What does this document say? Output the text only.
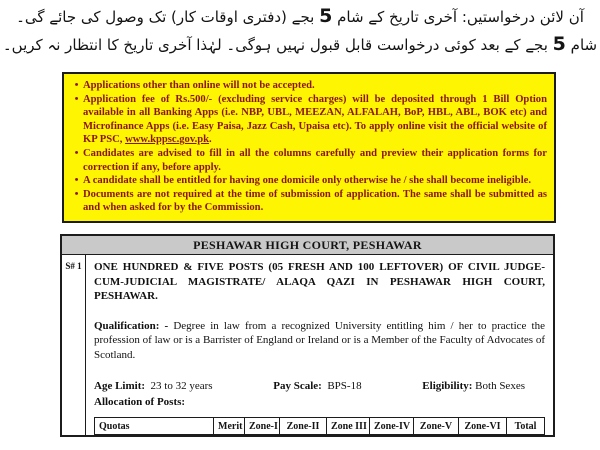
آن لائن درخواستیں: آخری تاریخ کے شام 5 بجے (دفتری اوقات کار) تک وصول کی جائے گی۔
شام 5 بجے کے بعد کوئی درخواست قابل قبول نہیں ہوگی۔ لہٰذا آخری تاریخ کا انتظار نہ کریں۔
• Applications other than online will not be accepted.
• Application fee of Rs.500/- (excluding service charges) will be deposited through 1 Bill Option available in all Banking Apps (i.e. NBP, UBL, MEEZAN, ALFALAH, BoP, HBL, ABL, BOK etc) and Microfinance Apps (i.e. Easy Paisa, Jazz Cash, Upaisa etc). To apply online visit the official website of KP PSC, www.kppsc.gov.pk.
• Candidates are advised to fill in all the columns carefully and preview their application forms for correction if any, before apply.
• A candidate shall be entitled for having one domicile only otherwise he / she shall become ineligible.
• Documents are not required at the time of submission of application. The same shall be submitted as and when asked for by the Commission.
PESHAWAR HIGH COURT, PESHAWAR
S# 1	ONE HUNDRED & FIVE POSTS (05 FRESH AND 100 LEFTOVER) OF CIVIL JUDGE-CUM-JUDICIAL MAGISTRATE/ ALAQA QAZI IN PESHAWAR HIGH COURT, PESHAWAR.
Qualification: - Degree in law from a recognized University entitling him / her to practice the profession of law or is a Barrister of England or Ireland or is a Member of the Faculty of Advocates of Scotland.
Age Limit: 23 to 32 years	Pay Scale: BPS-18	Eligibility: Both Sexes
Allocation of Posts:
Quotas	Merit	Zone-I	Zone-II	Zone III	Zone-IV	Zone-V	Zone-VI	Total
